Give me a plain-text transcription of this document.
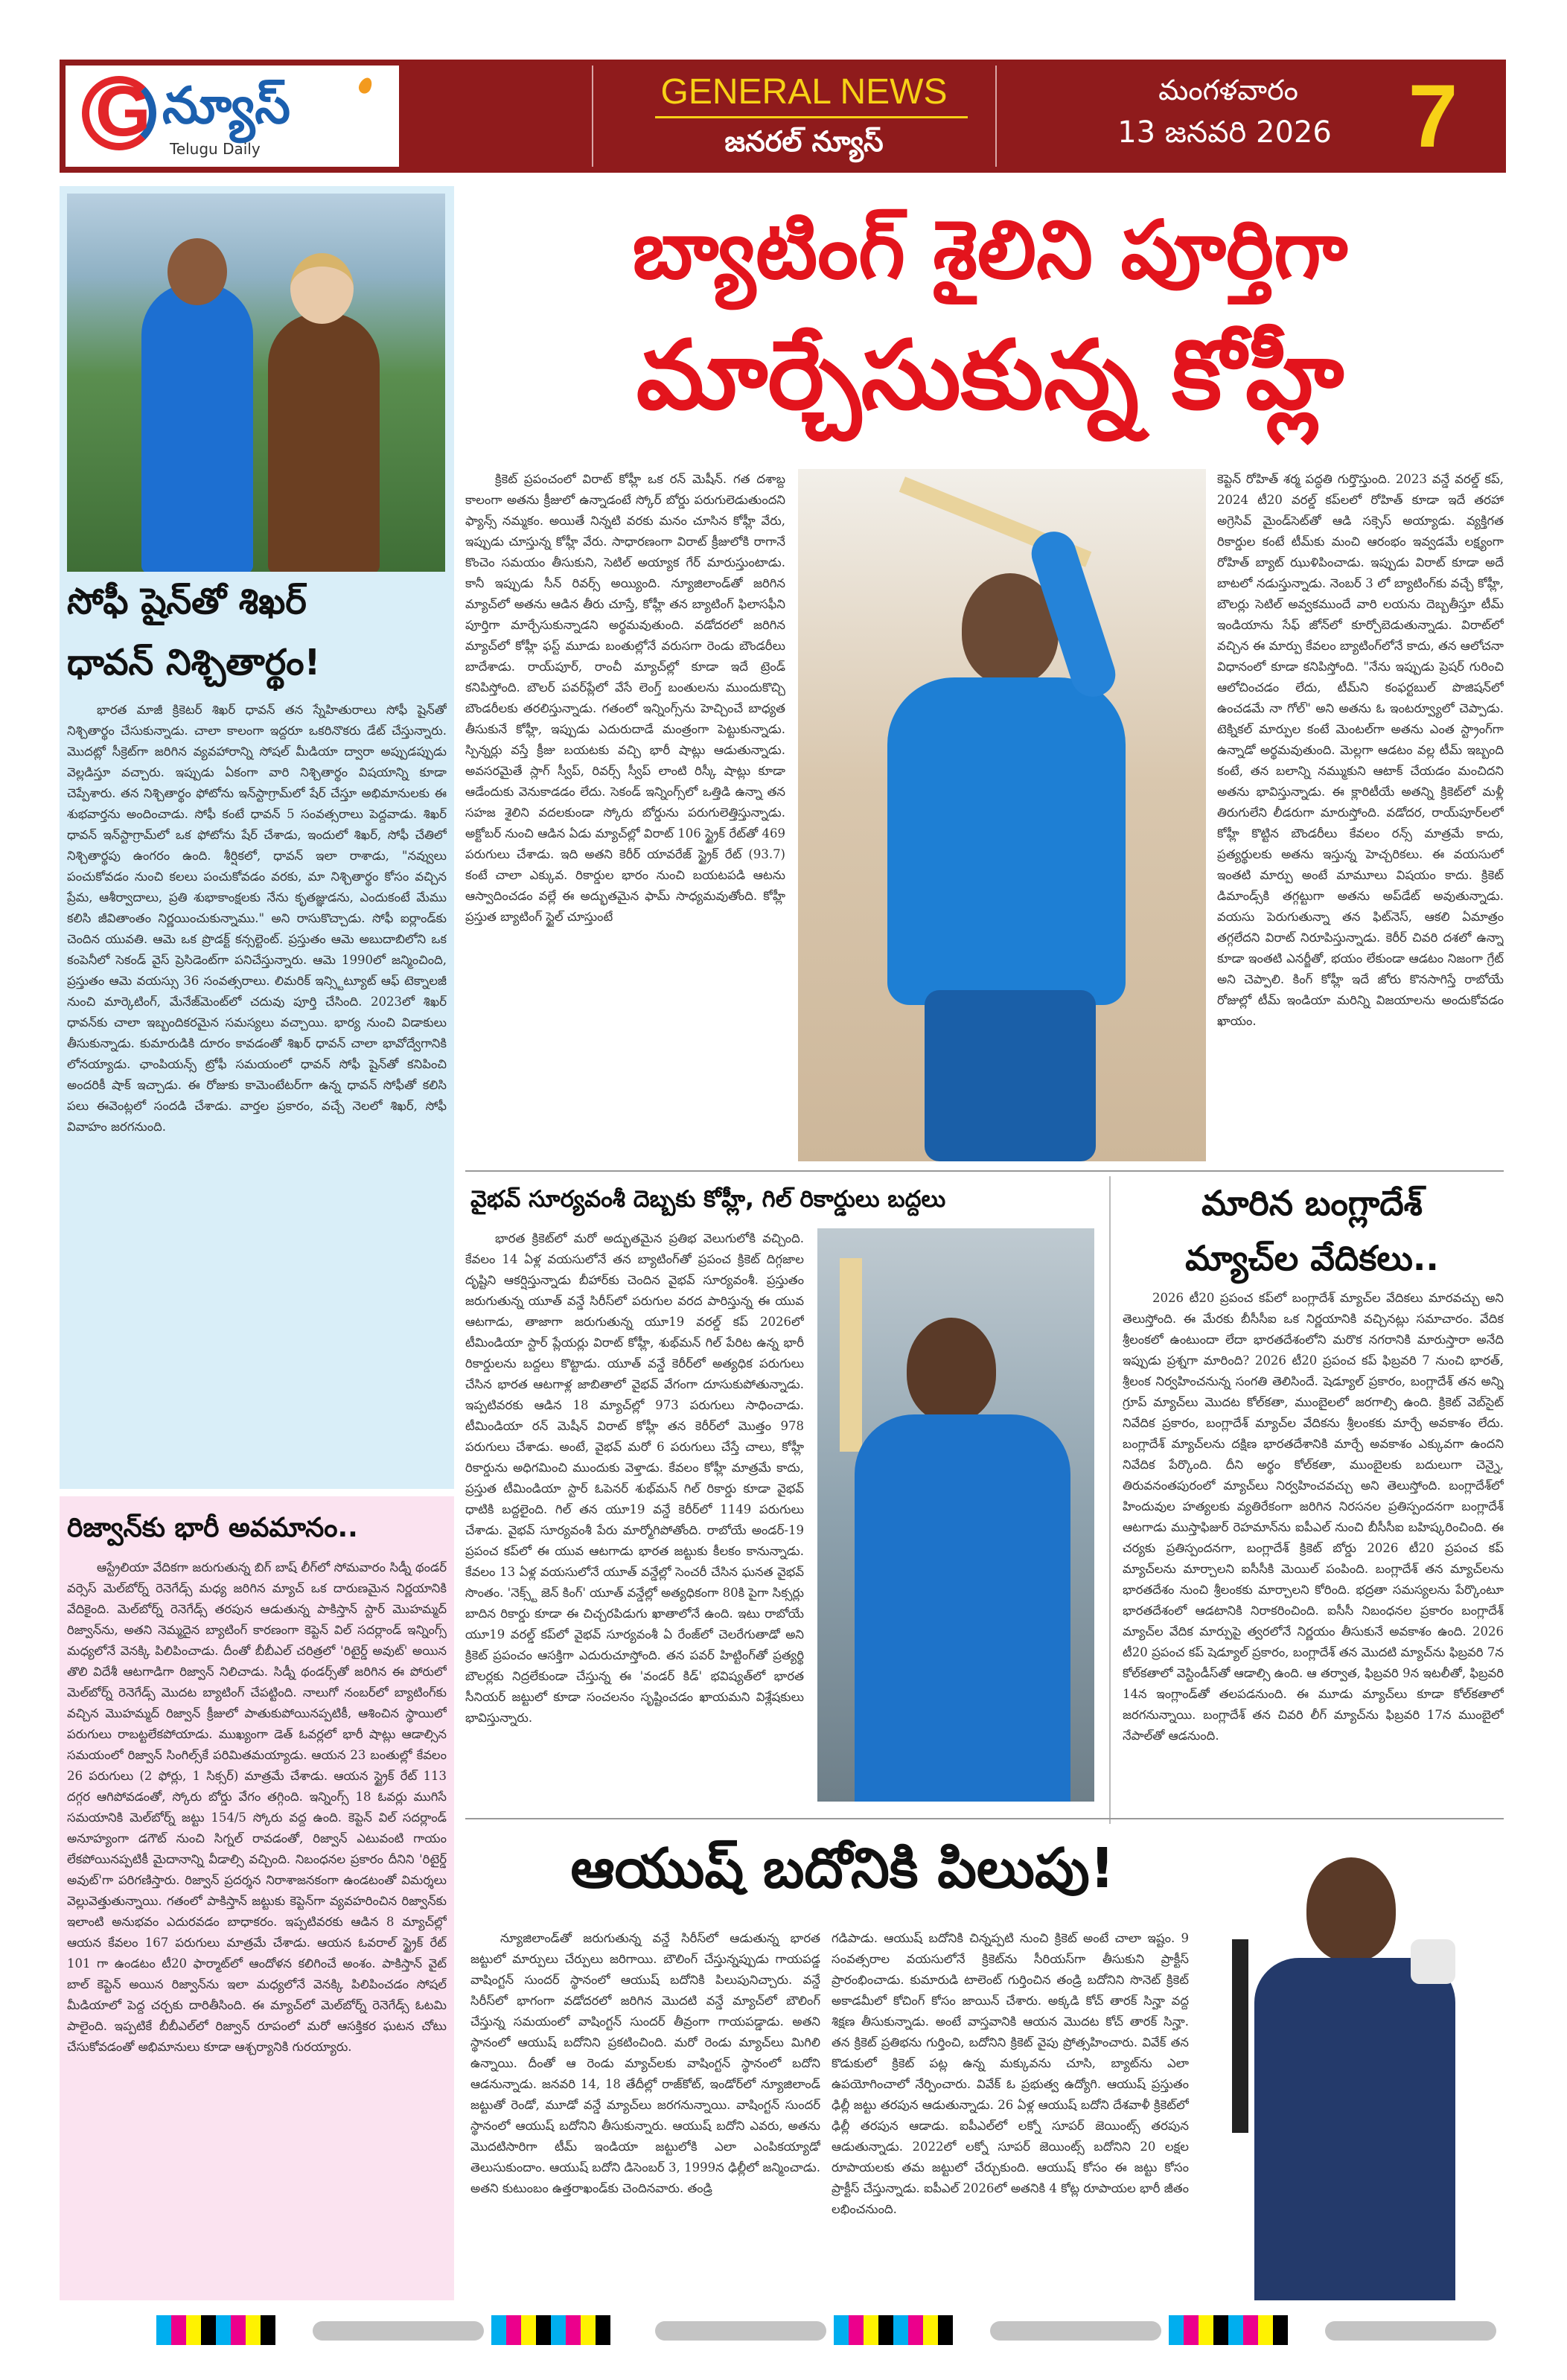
G న్యూస్
Telugu Daily
GENERAL NEWS
జనరల్ న్యూస్
మంగళవారం
13 జనవరి 2026 7
సోఫీ షైన్‌తో శిఖర్
ధావన్ నిశ్చితార్థం!

భారత మాజీ క్రికెటర్ శిఖర్ ధావన్ తన స్నేహితురాలు సోఫీ షైన్‌తో నిశ్చితార్థం చేసుకున్నాడు. చాలా కాలంగా ఇద్దరూ ఒకరినొకరు డేట్ చేస్తున్నారు. మొదట్లో సీక్రెట్‌గా జరిగిన వ్యవహారాన్ని సోషల్ మీడియా ద్వారా అప్పుడప్పుడు వెల్లడిస్తూ వచ్చారు. ఇప్పుడు ఏకంగా వారి నిశ్చితార్థం విషయాన్ని కూడా చెప్పేశారు. తన నిశ్చితార్థం ఫోటోను ఇన్‌స్టాగ్రామ్‌లో షేర్ చేస్తూ అభిమానులకు ఈ శుభవార్తను అందించాడు. సోఫీ కంటే ధావన్ 5 సంవత్సరాలు పెద్దవాడు. శిఖర్ ధావన్ ఇన్‌స్టాగ్రామ్‌లో ఒక ఫోటోను షేర్ చేశాడు, ఇందులో శిఖర్, సోఫీ చేతిలో నిశ్చితార్థపు ఉంగరం ఉంది. శీర్షికలో, ధావన్ ఇలా రాశాడు, "నవ్వులు పంచుకోవడం నుంచి కలలు పంచుకోవడం వరకు, మా నిశ్చితార్థం కోసం వచ్చిన ప్రేమ, ఆశీర్వాదాలు, ప్రతి శుభాకాంక్షలకు నేను కృతజ్ఞుడను, ఎందుకంటే మేము కలిసి జీవితాంతం నిర్ణయించుకున్నాము." అని రాసుకొచ్చాడు. సోఫీ ఐర్లాండ్‌కు చెందిన యువతి. ఆమె ఒక ప్రొడక్ట్ కన్సల్టెంట్. ప్రస్తుతం ఆమె అబుదాబిలోని ఒక కంపెనీలో సెకండ్ వైస్ ప్రెసిడెంట్‌గా పనిచేస్తున్నారు. ఆమె 1990లో జన్మించింది, ప్రస్తుతం ఆమె వయస్సు 36 సంవత్సరాలు. లిమరిక్ ఇన్స్టిట్యూట్ ఆఫ్ టెక్నాలజీ నుంచి మార్కెటింగ్, మేనేజ్‌మెంట్‌లో చదువు పూర్తి చేసింది. 2023లో శిఖర్ ధావన్‌కు చాలా ఇబ్బందికరమైన సమస్యలు వచ్చాయి. భార్య నుంచి విడాకులు తీసుకున్నాడు. కుమారుడికి దూరం కావడంతో శిఖర్ ధావన్ చాలా భావోద్వేగానికి లోనయ్యాడు. ఛాంపియన్స్ ట్రోఫీ సమయంలో ధావన్ సోఫీ షైన్‌తో కనిపించి అందరికీ షాక్ ఇచ్చాడు. ఈ రోజుకు కామెంటేటర్‌గా ఉన్న ధావన్ సోఫీతో కలిసి పలు ఈవెంట్లలో సందడి చేశాడు. వార్తల ప్రకారం, వచ్చే నెలలో శిఖర్, సోఫీ వివాహం జరగనుంది.

రిజ్వాన్‌కు భారీ అవమానం..

ఆస్ట్రేలియా వేదికగా జరుగుతున్న బిగ్ బాష్ లీగ్‌లో సోమవారం సిడ్నీ థండర్ వర్సెస్ మెల్‌బోర్న్ రెనెగేడ్స్ మధ్య జరిగిన మ్యాచ్ ఒక దారుణమైన నిర్ణయానికి వేదికైంది. మెల్‌బోర్న్ రెనెగేడ్స్ తరపున ఆడుతున్న పాకిస్తాన్ స్టార్ మొహమ్మద్ రిజ్వాన్‌ను, అతని నెమ్మదైన బ్యాటింగ్ కారణంగా కెప్టెన్ విల్ సదర్లాండ్ ఇన్నింగ్స్ మధ్యలోనే వెనక్కి పిలిపించాడు. దీంతో బీబీఎల్ చరిత్రలో 'రిటైర్డ్ అవుట్' అయిన తొలి విదేశీ ఆటగాడిగా రిజ్వాన్ నిలిచాడు. సిడ్నీ థండర్స్‌తో జరిగిన ఈ పోరులో మెల్‌బోర్న్ రెనెగేడ్స్ మొదట బ్యాటింగ్ చేపట్టింది. నాలుగో నంబర్‌లో బ్యాటింగ్‌కు వచ్చిన మొహమ్మద్ రిజ్వాన్ క్రీజులో పాతుకుపోయినప్పటికీ, ఆశించిన స్థాయిలో పరుగులు రాబట్టలేకపోయాడు. ముఖ్యంగా డెత్ ఓవర్లలో భారీ షాట్లు ఆడాల్సిన సమయంలో రిజ్వాన్ సింగిల్స్‌కే పరిమితమయ్యాడు. ఆయన 23 బంతుల్లో కేవలం 26 పరుగులు (2 ఫోర్లు, 1 సిక్సర్) మాత్రమే చేశాడు. ఆయన స్ట్రైక్ రేట్ 113 దగ్గర ఆగిపోవడంతో, స్కోరు బోర్డు వేగం తగ్గింది. ఇన్నింగ్స్ 18 ఓవర్లు ముగిసే సమయానికి మెల్‌బోర్న్ జట్టు 154/5 స్కోరు వద్ద ఉంది. కెప్టెన్ విల్ సదర్లాండ్ అనూహ్యంగా డగౌట్ నుంచి సిగ్నల్ రావడంతో, రిజ్వాన్ ఎటువంటి గాయం లేకపోయినప్పటికీ మైదానాన్ని వీడాల్సి వచ్చింది. నిబంధనల ప్రకారం దీనిని 'రిటైర్డ్ అవుట్'గా పరిగణిస్తారు. రిజ్వాన్ ప్రదర్శన నిరాశాజనకంగా ఉండటంతో విమర్శలు వెల్లువెత్తుతున్నాయి. గతంలో పాకిస్తాన్ జట్టుకు కెప్టెన్‌గా వ్యవహరించిన రిజ్వాన్‌కు ఇలాంటి అనుభవం ఎదురవడం బాధాకరం. ఇప్పటివరకు ఆడిన 8 మ్యాచ్‌ల్లో ఆయన కేవలం 167 పరుగులు మాత్రమే చేశాడు. ఆయన ఓవరాల్ స్ట్రైక్ రేట్ 101 గా ఉండటం టీ20 ఫార్మాట్‌లో ఆందోళన కలిగించే అంశం. పాకిస్తాన్ వైట్ బాల్ కెప్టెన్ అయిన రిజ్వాన్‌ను ఇలా మధ్యలోనే వెనక్కి పిలిపించడం సోషల్ మీడియాలో పెద్ద చర్చకు దారితీసింది. ఈ మ్యాచ్‌లో మెల్‌బోర్న్ రెనెగేడ్స్ ఓటమి పాలైంది. ఇప్పటికే బీబీఎల్‌లో రిజ్వాన్ రూపంలో మరో ఆసక్తికర ఘటన చోటు చేసుకోవడంతో అభిమానులు కూడా ఆశ్చర్యానికి గురయ్యారు.

బ్యాటింగ్ శైలిని పూర్తిగా
మార్చేసుకున్న కోహ్లీ

క్రికెట్ ప్రపంచంలో విరాట్ కోహ్లీ ఒక రన్ మెషీన్. గత దశాబ్ద కాలంగా అతను క్రీజులో ఉన్నాడంటే స్కోర్ బోర్డు పరుగులెడుతుందని ఫ్యాన్స్ నమ్మకం. అయితే నిన్నటి వరకు మనం చూసిన కోహ్లీ వేరు, ఇప్పుడు చూస్తున్న కోహ్లీ వేరు. సాధారణంగా విరాట్ క్రీజులోకి రాగానే కొంచెం సమయం తీసుకుని, సెటిల్ అయ్యాక గేర్ మారుస్తుంటాడు. కానీ ఇప్పుడు సీన్ రివర్స్ అయ్యింది. న్యూజిలాండ్‌తో జరిగిన మ్యాచ్‌లో అతను ఆడిన తీరు చూస్తే, కోహ్లీ తన బ్యాటింగ్ ఫిలాసఫీని పూర్తిగా మార్చేసుకున్నాడని అర్థమవుతుంది. వడోదరలో జరిగిన మ్యాచ్‌లో కోహ్లీ ఫస్ట్ మూడు బంతుల్లోనే వరుసగా రెండు బౌండరీలు బాదేశాడు. రాయ్‌పూర్, రాంచీ మ్యాచ్‌ల్లో కూడా ఇదే ట్రెండ్ కనిపిస్తోంది. బౌలర్ పవర్‌ప్లేలో వేసే లెంగ్త్ బంతులను ముందుకొచ్చి బౌండరీలకు తరలిస్తున్నాడు. గతంలో ఇన్నింగ్స్‌ను హెచ్చించే బాధ్యత తీసుకునే కోహ్లీ, ఇప్పుడు ఎదురుదాడే మంత్రంగా పెట్టుకున్నాడు. స్పిన్నర్లు వస్తే క్రీజు బయటకు వచ్చి భారీ షాట్లు ఆడుతున్నాడు. అవసరమైతే స్లాగ్ స్వీప్, రివర్స్ స్వీప్ లాంటి రిస్కీ షాట్లు కూడా ఆడేందుకు వెనుకాడడం లేదు. సెకండ్ ఇన్నింగ్స్‌లో ఒత్తిడి ఉన్నా తన సహజ శైలిని వదలకుండా స్కోరు బోర్డును పరుగులెత్తిస్తున్నాడు. అక్టోబర్ నుంచి ఆడిన ఏడు మ్యాచ్‌ల్లో విరాట్ 106 స్ట్రైక్ రేట్‌తో 469 పరుగులు చేశాడు. ఇది అతని కెరీర్ యావరేజ్ స్ట్రైక్ రేట్ (93.7) కంటే చాలా ఎక్కువ. రికార్డుల భారం నుంచి బయటపడి ఆటను ఆస్వాదించడం వల్లే ఈ అద్భుతమైన ఫామ్ సాధ్యమవుతోంది. కోహ్లీ ప్రస్తుత బ్యాటింగ్ స్టైల్ చూస్తుంటే

కెప్టెన్ రోహిత్ శర్మ పద్ధతి గుర్తొస్తుంది. 2023 వన్డే వరల్డ్ కప్, 2024 టీ20 వరల్డ్ కప్‌లలో రోహిత్ కూడా ఇదే తరహా అగ్రెసివ్ మైండ్‌సెట్‌తో ఆడి సక్సెస్ అయ్యాడు. వ్యక్తిగత రికార్డుల కంటే టీమ్‌కు మంచి ఆరంభం ఇవ్వడమే లక్ష్యంగా రోహిత్ బ్యాట్ ఝుళిపించాడు. ఇప్పుడు విరాట్ కూడా అదే బాటలో నడుస్తున్నాడు. నెంబర్ 3 లో బ్యాటింగ్‌కు వచ్చే కోహ్లీ, బౌలర్లు సెటిల్ అవ్వకముందే వారి లయను దెబ్బతీస్తూ టీమ్ ఇండియాను సేఫ్ జోన్‌లో కూర్చోబెడుతున్నాడు. విరాట్‌లో వచ్చిన ఈ మార్పు కేవలం బ్యాటింగ్‌లోనే కాదు, తన ఆలోచనా విధానంలో కూడా కనిపిస్తోంది. "నేను ఇప్పుడు ప్రెషర్ గురించి ఆలోచించడం లేదు, టీమ్‌ని కంఫర్టబుల్ పొజిషన్‌లో ఉంచడమే నా గోల్" అని అతను ఓ ఇంటర్వ్యూలో చెప్పాడు. టెక్నికల్ మార్పుల కంటే మెంటల్‌గా అతను ఎంత స్ట్రాంగ్‌గా ఉన్నాడో అర్థమవుతుంది. మెల్లగా ఆడటం వల్ల టీమ్ ఇబ్బంది కంటే, తన బలాన్ని నమ్ముకుని ఆటాక్ చేయడం మంచిదని అతను భావిస్తున్నాడు. ఈ క్లారిటీయే అతన్ని క్రికెట్‌లో మళ్లీ తిరుగులేని లీడరుగా మారుస్తోంది. వడోదర, రాయ్‌పూర్‌లలో కోహ్లీ కొట్టిన బౌండరీలు కేవలం రన్స్ మాత్రమే కాదు, ప్రత్యర్థులకు అతను ఇస్తున్న హెచ్చరికలు. ఈ వయసులో ఇంతటి మార్పు అంటే మామూలు విషయం కాదు. క్రికెట్ డిమాండ్స్‌కి తగ్గట్టుగా అతను అప్‌డేట్ అవుతున్నాడు. వయసు పెరుగుతున్నా తన ఫిట్‌నెస్, ఆకలి ఏమాత్రం తగ్గలేదని విరాట్ నిరూపిస్తున్నాడు. కెరీర్ చివరి దశలో ఉన్నా కూడా ఇంతటి ఎనర్జీతో, భయం లేకుండా ఆడటం నిజంగా గ్రేట్ అని చెప్పాలి. కింగ్ కోహ్లీ ఇదే జోరు కొనసాగిస్తే రాబోయే రోజుల్లో టీమ్ ఇండియా మరిన్ని విజయాలను అందుకోవడం ఖాయం.

వైభవ్ సూర్యవంశీ దెబ్బకు కోహ్లీ, గిల్ రికార్డులు బద్దలు

భారత క్రికెట్‌లో మరో అద్భుతమైన ప్రతిభ వెలుగులోకి వచ్చింది. కేవలం 14 ఏళ్ల వయసులోనే తన బ్యాటింగ్‌తో ప్రపంచ క్రికెట్ దిగ్గజాల దృష్టిని ఆకర్షిస్తున్నాడు బీహార్‌కు చెందిన వైభవ్ సూర్యవంశీ. ప్రస్తుతం జరుగుతున్న యూత్ వన్డే సిరీస్‌లో పరుగుల వరద పారిస్తున్న ఈ యువ ఆటగాడు, తాజాగా జరుగుతున్న యూ19 వరల్డ్ కప్ 2026లో టీమిండియా స్టార్ ప్లేయర్లు విరాట్ కోహ్లీ, శుభ్‌మన్ గిల్ పేరిట ఉన్న భారీ రికార్డులను బద్దలు కొట్టాడు. యూత్ వన్డే కెరీర్‌లో అత్యధిక పరుగులు చేసిన భారత ఆటగాళ్ల జాబితాలో వైభవ్ వేగంగా దూసుకుపోతున్నాడు. ఇప్పటివరకు ఆడిన 18 మ్యాచ్‌ల్లో 973 పరుగులు సాధించాడు. టీమిండియా రన్ మెషీన్ విరాట్ కోహ్లీ తన కెరీర్‌లో మొత్తం 978 పరుగులు చేశాడు. అంటే, వైభవ్ మరో 6 పరుగులు చేస్తే చాలు, కోహ్లీ రికార్డును అధిగమించి ముందుకు వెళ్తాడు. కేవలం కోహ్లీ మాత్రమే కాదు, ప్రస్తుత టీమిండియా స్టార్ ఓపెనర్ శుభ్‌మన్ గిల్ రికార్డు కూడా వైభవ్ ధాటికి బద్దలైంది. గిల్ తన యూ19 వన్డే కెరీర్‌లో 1149 పరుగులు చేశాడు. వైభవ్ సూర్యవంశీ పేరు మార్మోగిపోతోంది. రాబోయే అండర్-19 ప్రపంచ కప్‌లో ఈ యువ ఆటగాడు భారత జట్టుకు కీలకం కానున్నాడు. కేవలం 13 ఏళ్ల వయసులోనే యూత్ వన్డేల్లో సెంచరీ చేసిన ఘనత వైభవ్ సొంతం. 'నెక్స్ట్ జెన్ కింగ్' యూత్ వన్డేల్లో అత్యధికంగా 80కి పైగా సిక్సర్లు బాదిన రికార్డు కూడా ఈ చిచ్చరపిడుగు ఖాతాలోనే ఉంది. ఇటు రాబోయే యూ19 వరల్డ్ కప్‌లో వైభవ్ సూర్యవంశీ ఏ రేంజ్‌లో చెలరేగుతాడో అని క్రికెట్ ప్రపంచం ఆసక్తిగా ఎదురుచూస్తోంది. తన పవర్ హిట్టింగ్‌తో ప్రత్యర్థి బౌలర్లకు నిద్రలేకుండా చేస్తున్న ఈ 'వండర్ కిడ్' భవిష్యత్‌లో భారత సీనియర్ జట్టులో కూడా సంచలనం సృష్టించడం ఖాయమని విశ్లేషకులు భావిస్తున్నారు.

మారిన బంగ్లాదేశ్
మ్యాచ్‌ల వేదికలు..

2026 టీ20 ప్రపంచ కప్‌లో బంగ్లాదేశ్ మ్యాచ్‌ల వేదికలు మారవచ్చు అని తెలుస్తోంది. ఈ మేరకు బీసీసీఐ ఒక నిర్ణయానికి వచ్చినట్లు సమాచారం. వేదిక శ్రీలంకలో ఉంటుందా లేదా భారతదేశంలోని మరొక నగరానికి మారుస్తారా అనేది ఇప్పుడు ప్రశ్నగా మారింది? 2026 టీ20 ప్రపంచ కప్ ఫిబ్రవరి 7 నుంచి భారత్, శ్రీలంక నిర్వహించనున్న సంగతి తెలిసిందే. షెడ్యూల్ ప్రకారం, బంగ్లాదేశ్ తన అన్ని గ్రూప్ మ్యాచ్‌లు మొదట కోల్‌కతా, ముంబైలలో జరగాల్సి ఉంది. క్రికెట్ వెబ్‌సైట్ నివేదిక ప్రకారం, బంగ్లాదేశ్ మ్యాచ్‌ల వేదికను శ్రీలంకకు మార్చే అవకాశం లేదు. బంగ్లాదేశ్ మ్యాచ్‌లను దక్షిణ భారతదేశానికి మార్చే అవకాశం ఎక్కువగా ఉందని నివేదిక పేర్కొంది. దీని అర్థం కోల్‌కతా, ముంబైలకు బదులుగా చెన్నై, తిరువనంతపురంలో మ్యాచ్‌లు నిర్వహించవచ్చు అని తెలుస్తోంది. బంగ్లాదేశ్‌లో హిందువుల హత్యలకు వ్యతిరేకంగా జరిగిన నిరసనల ప్రతిస్పందనగా బంగ్లాదేశ్ ఆటగాడు ముస్తాఫిజుర్ రెహమాన్‌ను ఐపీఎల్ నుంచి బీసీసీఐ బహిష్కరించింది. ఈ చర్యకు ప్రతిస్పందనగా, బంగ్లాదేశ్ క్రికెట్ బోర్డు 2026 టీ20 ప్రపంచ కప్ మ్యాచ్‌లను మార్చాలని ఐసీసీకి మెయిల్ పంపింది. బంగ్లాదేశ్ తన మ్యాచ్‌లను భారతదేశం నుంచి శ్రీలంకకు మార్చాలని కోరింది. భద్రతా సమస్యలను పేర్కొంటూ భారతదేశంలో ఆడటానికి నిరాకరించింది. ఐసీసీ నిబంధనల ప్రకారం బంగ్లాదేశ్ మ్యాచ్‌ల వేదిక మార్పుపై త్వరలోనే నిర్ణయం తీసుకునే అవకాశం ఉంది. 2026 టీ20 ప్రపంచ కప్ షెడ్యూల్ ప్రకారం, బంగ్లాదేశ్ తన మొదటి మ్యాచ్‌ను ఫిబ్రవరి 7న కోల్‌కతాలో వెస్టిండీస్‌తో ఆడాల్సి ఉంది. ఆ తర్వాత, ఫిబ్రవరి 9న ఇటలీతో, ఫిబ్రవరి 14న ఇంగ్లాండ్‌తో తలపడనుంది. ఈ మూడు మ్యాచ్‌లు కూడా కోల్‌కతాలో జరగనున్నాయి. బంగ్లాదేశ్ తన చివరి లీగ్ మ్యాచ్‌ను ఫిబ్రవరి 17న ముంబైలో నేపాల్‌తో ఆడనుంది.

ఆయుష్ బదోనికి పిలుపు!

న్యూజిలాండ్‌తో జరుగుతున్న వన్డే సిరీస్‌లో ఆడుతున్న భారత జట్టులో మార్పులు చేర్పులు జరిగాయి. బౌలింగ్ చేస్తున్నప్పుడు గాయపడ్డ వాషింగ్టన్ సుందర్ స్థానంలో ఆయుష్ బదోనికి పిలుపునిచ్చారు. వన్డే సిరీస్‌లో భాగంగా వడోదరలో జరిగిన మొదటి వన్డే మ్యాచ్‌లో బౌలింగ్ చేస్తున్న సమయంలో వాషింగ్టన్ సుందర్ తీవ్రంగా గాయపడ్డాడు. అతని స్థానంలో ఆయుష్ బదోనిని ప్రకటించింది. మరో రెండు మ్యాచ్‌లు మిగిలి ఉన్నాయి. దీంతో ఆ రెండు మ్యాచ్‌లకు వాషింగ్టన్ స్థానంలో బదోని ఆడనున్నాడు. జనవరి 14, 18 తేదీల్లో రాజ్‌కోట్, ఇండోర్‌లో న్యూజిలాండ్ జట్టుతో రెండో, మూడో వన్డే మ్యాచ్‌లు జరగనున్నాయి. వాషింగ్టన్ సుందర్ స్థానంలో ఆయుష్ బదోనిని తీసుకున్నారు. ఆయుష్ బదోని ఎవరు, అతను మొదటిసారిగా టీమ్ ఇండియా జట్టులోకి ఎలా ఎంపికయ్యాడో తెలుసుకుందాం. ఆయుష్ బదోని డిసెంబర్ 3, 1999న ఢిల్లీలో జన్మించాడు. అతని కుటుంబం ఉత్తరాఖండ్‌కు చెందినవారు. తండ్రి

గడిపాడు. ఆయుష్ బదోనికి చిన్నప్పటి నుంచి క్రికెట్ అంటే చాలా ఇష్టం. 9 సంవత్సరాల వయసులోనే క్రికెట్‌ను సీరియస్‌గా తీసుకుని ప్రాక్టీస్ ప్రారంభించాడు. కుమారుడి టాలెంట్ గుర్తించిన తండ్రి బదోనిని సొనెట్ క్రికెట్ అకాడమీలో కోచింగ్ కోసం జాయిన్ చేశారు. అక్కడి కోచ్ తారక్ సిన్హా వద్ద శిక్షణ తీసుకున్నాడు. అంటే వాస్తవానికి ఆయన మొదట కోచ్ తారక్ సిన్హా. తన క్రికెట్ ప్రతిభను గుర్తించి, బదోనిని క్రికెట్ వైపు ప్రోత్సహించారు. వివేక్ తన కొడుకులో క్రికెట్ పట్ల ఉన్న మక్కువను చూసి, బ్యాట్‌ను ఎలా ఉపయోగించాలో నేర్పించారు. వివేక్ ఓ ప్రభుత్వ ఉద్యోగి. ఆయుష్ ప్రస్తుతం ఢిల్లీ జట్టు తరపున ఆడుతున్నాడు. 26 ఏళ్ల ఆయుష్ బదోని దేశవాళీ క్రికెట్‌లో ఢిల్లీ తరపున ఆడాడు. ఐపీఎల్‌లో లక్నో సూపర్ జెయింట్స్ తరపున ఆడుతున్నాడు. 2022లో లక్నో సూపర్ జెయింట్స్ బదోనిని 20 లక్షల రూపాయలకు తమ జట్టులో చేర్చుకుంది. ఆయుష్ కోసం ఈ జట్టు కోసం ప్రాక్టీస్ చేస్తున్నాడు. ఐపీఎల్ 2026లో అతనికి 4 కోట్ల రూపాయల భారీ జీతం లభించనుంది.
